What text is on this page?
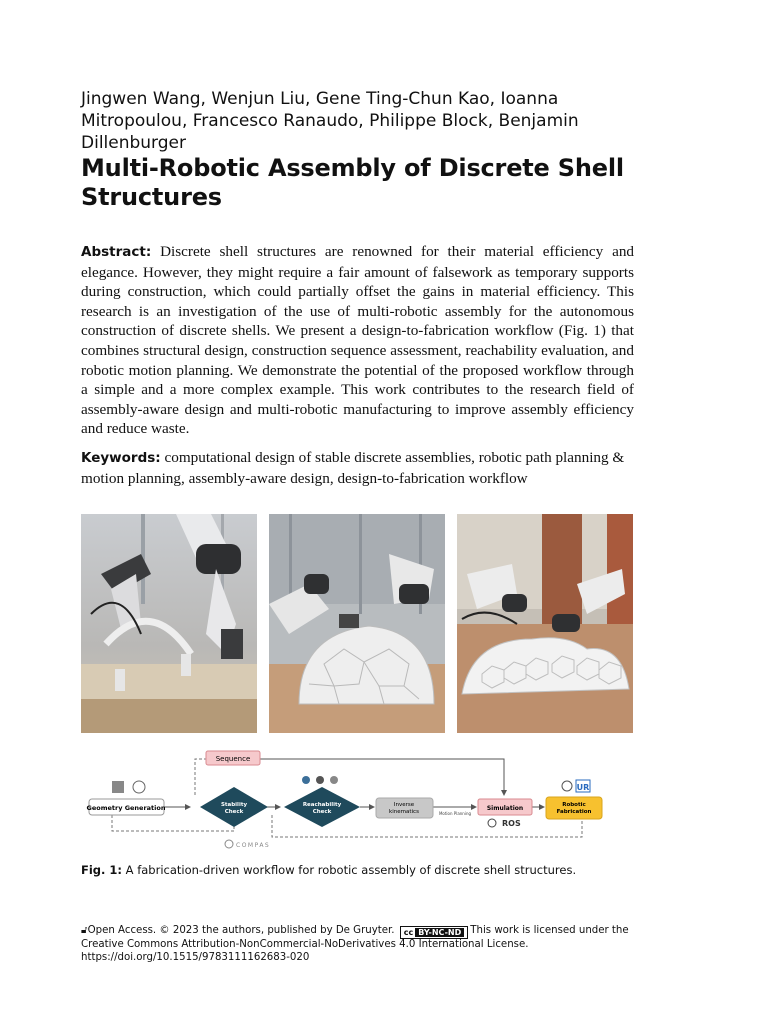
Jingwen Wang, Wenjun Liu, Gene Ting-Chun Kao, Ioanna Mitropoulou, Francesco Ranaudo, Philippe Block, Benjamin Dillenburger
Multi-Robotic Assembly of Discrete Shell Structures

Abstract: Discrete shell structures are renowned for their material efficiency and elegance. However, they might require a fair amount of falsework as temporary supports during construction, which could partially offset the gains in material efficiency. This research is an investigation of the use of multi-robotic assembly for the autonomous construction of discrete shells. We present a design-to-fabrication workflow (Fig. 1) that combines structural design, construction sequence assessment, reachability evaluation, and robotic motion planning. We demonstrate the potential of the proposed workflow through a simple and a more complex example. This work contributes to the research field of assembly-aware design and multi-robotic manufacturing to improve assembly efficiency and reduce waste.

Keywords: computational design of stable discrete assemblies, robotic path planning & motion planning, assembly-aware design, design-to-fabrication workflow

Sequence
Geometry Generation	Stability
Check
Reachability
Check
Inverse
kinematics	Motion Planning
Simulation
ROS
Robotic
Fabrication
UR
COMPAS
Fig. 1: A fabrication-driven workflow for robotic assembly of discrete shell structures.
🔓︎Open Access. © 2023 the authors, published by De Gruyter. cc BY-NC-ND This work is licensed under the Creative Commons Attribution-NonCommercial-NoDerivatives 4.0 International License.
https://doi.org/10.1515/9783111162683-020
